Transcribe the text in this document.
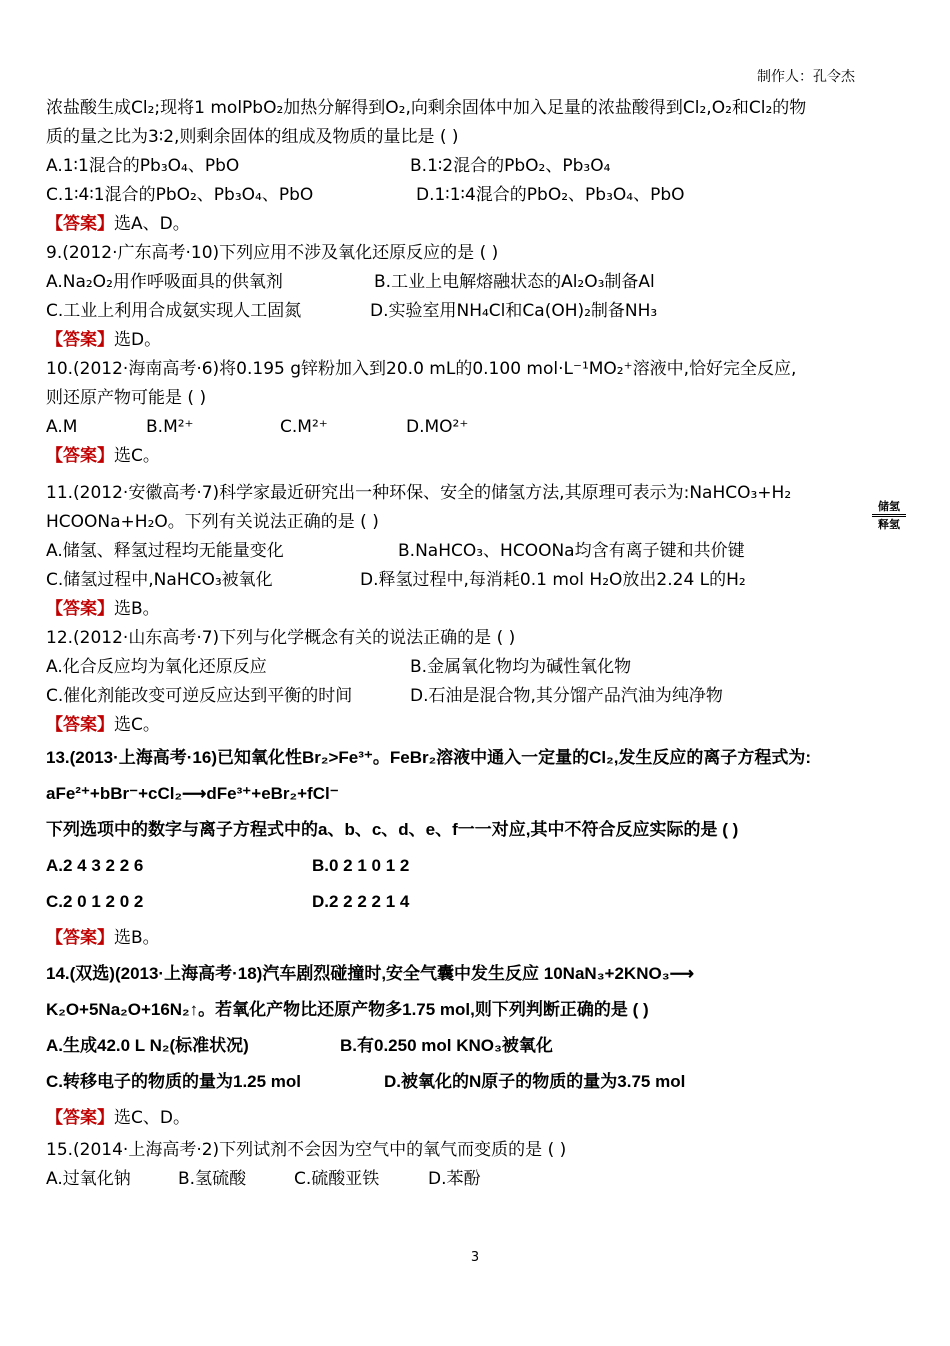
制作人：孔令杰
浓盐酸生成Cl₂;现将1 molPbO₂加热分解得到O₂,向剩余固体中加入足量的浓盐酸得到Cl₂,O₂和Cl₂的物
质的量之比为3∶2,则剩余固体的组成及物质的量比是 ( )
A.1∶1混合的Pb₃O₄、PbO	B.1∶2混合的PbO₂、Pb₃O₄
C.1∶4∶1混合的PbO₂、Pb₃O₄、PbO	D.1∶1∶4混合的PbO₂、Pb₃O₄、PbO
【答案】选A、D。
9.(2012·广东高考·10)下列应用不涉及氧化还原反应的是 ( )
A.Na₂O₂用作呼吸面具的供氧剂	B.工业上电解熔融状态的Al₂O₃制备Al
C.工业上利用合成氨实现人工固氮	D.实验室用NH₄Cl和Ca(OH)₂制备NH₃
【答案】选D。
10.(2012·海南高考·6)将0.195 g锌粉加入到20.0 mL的0.100 mol·L⁻¹MO₂⁺溶液中,恰好完全反应,
则还原产物可能是 ( )
A.M	B.M²⁺	C.M²⁺	D.MO²⁺
【答案】选C。
11.(2012·安徽高考·7)科学家最近研究出一种环保、安全的储氢方法,其原理可表示为:NaHCO₃+H₂
HCOONa+H₂O。下列有关说法正确的是 ( )
A.储氢、释氢过程均无能量变化	B.NaHCO₃、HCOONa均含有离子键和共价键
C.储氢过程中,NaHCO₃被氧化	D.释氢过程中,每消耗0.1 mol H₂O放出2.24 L的H₂
【答案】选B。
12.(2012·山东高考·7)下列与化学概念有关的说法正确的是 ( )
A.化合反应均为氧化还原反应	B.金属氧化物均为碱性氧化物
C.催化剂能改变可逆反应达到平衡的时间	D.石油是混合物,其分馏产品汽油为纯净物
【答案】选C。
13.(2013·上海高考·16)已知氧化性Br₂>Fe³⁺。FeBr₂溶液中通入一定量的Cl₂,发生反应的离子方程式为:
aFe²⁺+bBr⁻+cCl₂⟶dFe³⁺+eBr₂+fCl⁻
下列选项中的数字与离子方程式中的a、b、c、d、e、f一一对应,其中不符合反应实际的是 ( )
A.2 4 3 2 2 6	B.0 2 1 0 1 2
C.2 0 1 2 0 2	D.2 2 2 2 1 4
【答案】选B。
14.(双选)(2013·上海高考·18)汽车剧烈碰撞时,安全气囊中发生反应 10NaN₃+2KNO₃⟶
K₂O+5Na₂O+16N₂↑。若氧化产物比还原产物多1.75 mol,则下列判断正确的是 ( )
A.生成42.0 L N₂(标准状况)	B.有0.250 mol KNO₃被氧化
C.转移电子的物质的量为1.25 mol	D.被氧化的N原子的物质的量为3.75 mol
【答案】选C、D。
15.(2014·上海高考·2)下列试剂不会因为空气中的氧气而变质的是 ( )
A.过氧化钠	B.氢硫酸	C.硫酸亚铁	D.苯酚
储氢
释氢
3
